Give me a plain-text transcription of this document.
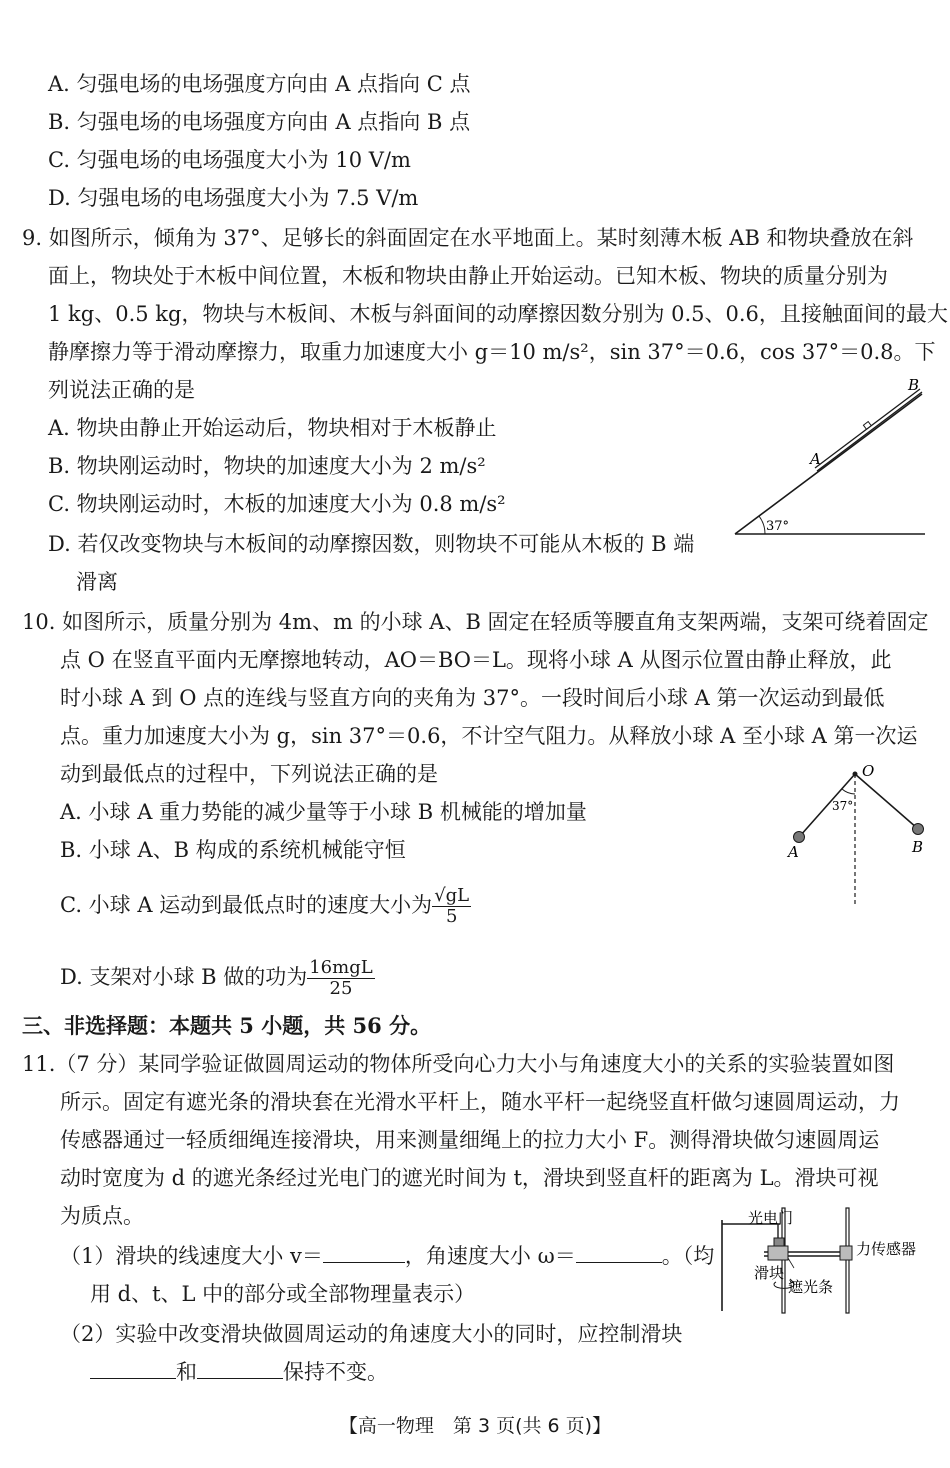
A. 匀强电场的电场强度方向由 A 点指向 C 点
B. 匀强电场的电场强度方向由 A 点指向 B 点
C. 匀强电场的电场强度大小为 10 V/m
D. 匀强电场的电场强度大小为 7.5 V/m
9. 如图所示，倾角为 37°、足够长的斜面固定在水平地面上。某时刻薄木板 AB 和物块叠放在斜
面上，物块处于木板中间位置，木板和物块由静止开始运动。已知木板、物块的质量分别为
1 kg、0.5 kg，物块与木板间、木板与斜面间的动摩擦因数分别为 0.5、0.6，且接触面间的最大
静摩擦力等于滑动摩擦力，取重力加速度大小 g＝10 m/s²，sin 37°＝0.6，cos 37°＝0.8。下
列说法正确的是
A. 物块由静止开始运动后，物块相对于木板静止
B. 物块刚运动时，物块的加速度大小为 2 m/s²
C. 物块刚运动时，木板的加速度大小为 0.8 m/s²
D. 若仅改变物块与木板间的动摩擦因数，则物块不可能从木板的 B 端
滑离
B
A
37°
10. 如图所示，质量分别为 4m、m 的小球 A、B 固定在轻质等腰直角支架两端，支架可绕着固定
点 O 在竖直平面内无摩擦地转动，AO＝BO＝L。现将小球 A 从图示位置由静止释放，此
时小球 A 到 O 点的连线与竖直方向的夹角为 37°。一段时间后小球 A 第一次运动到最低
点。重力加速度大小为 g，sin 37°＝0.6，不计空气阻力。从释放小球 A 至小球 A 第一次运
动到最低点的过程中，下列说法正确的是
A. 小球 A 重力势能的减少量等于小球 B 机械能的增加量
B. 小球 A、B 构成的系统机械能守恒
C. 小球 A 运动到最低点时的速度大小为 $\frac{√gL}{5}$
D. 支架对小球 B 做的功为 $\frac{\text{16mgL}}{25}$
O
37°
A	B
三、非选择题：本题共 5 小题，共 56 分。
11.（7 分）某同学验证做圆周运动的物体所受向心力大小与角速度大小的关系的实验装置如图
所示。固定有遮光条的滑块套在光滑水平杆上，随水平杆一起绕竖直杆做匀速圆周运动，力
传感器通过一轻质细绳连接滑块，用来测量细绳上的拉力大小 F。测得滑块做匀速圆周运
动时宽度为 d 的遮光条经过光电门的遮光时间为 t，滑块到竖直杆的距离为 L。滑块可视
为质点。
（1）滑块的线速度大小 v＝	，角速度大小 ω＝	。（均
用 d、t、L 中的部分或全部物理量表示）
（2）实验中改变滑块做圆周运动的角速度大小的同时，应控制滑块
和	保持不变。
光电门
力传感器
滑块
遮光条
【高一物理　第 3 页(共 6 页)】
